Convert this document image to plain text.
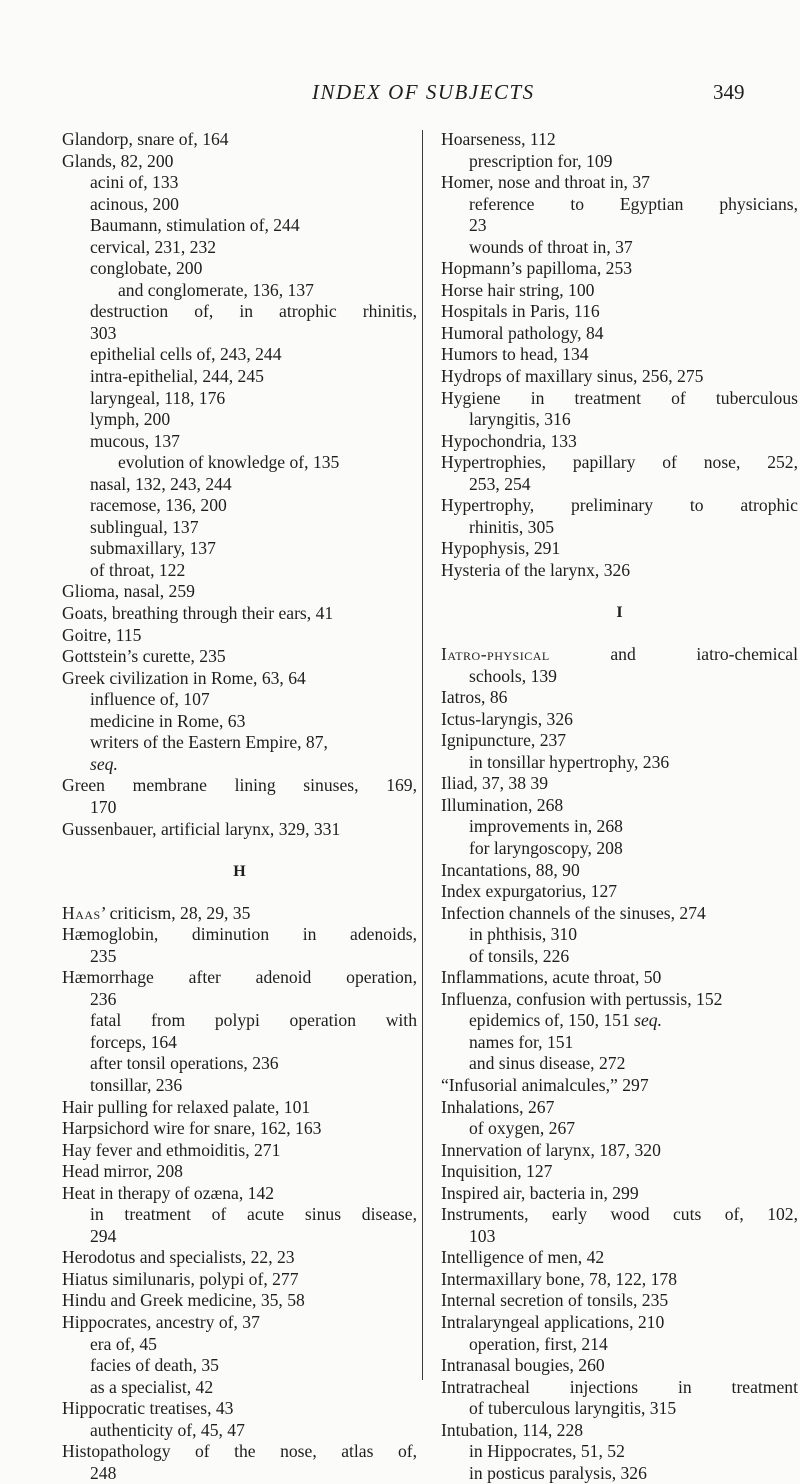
INDEX OF SUBJECTS	349
Glandorp, snare of, 164
Glands, 82, 200
acini of, 133
acinous, 200
Baumann, stimulation of, 244
cervical, 231, 232
conglobate, 200
and conglomerate, 136, 137
destruction of, in atrophic rhinitis,
303
epithelial cells of, 243, 244
intra-epithelial, 244, 245
laryngeal, 118, 176
lymph, 200
mucous, 137
evolution of knowledge of, 135
nasal, 132, 243, 244
racemose, 136, 200
sublingual, 137
submaxillary, 137
of throat, 122
Glioma, nasal, 259
Goats, breathing through their ears, 41
Goitre, 115
Gottstein’s curette, 235
Greek civilization in Rome, 63, 64
influence of, 107
medicine in Rome, 63
writers of the Eastern Empire, 87,
seq.
Green membrane lining sinuses, 169,
170
Gussenbauer, artificial larynx, 329, 331
H
Haas’ criticism, 28, 29, 35
Hæmoglobin, diminution in adenoids,
235
Hæmorrhage after adenoid operation,
236
fatal from polypi operation with
forceps, 164
after tonsil operations, 236
tonsillar, 236
Hair pulling for relaxed palate, 101
Harpsichord wire for snare, 162, 163
Hay fever and ethmoiditis, 271
Head mirror, 208
Heat in therapy of ozæna, 142
in treatment of acute sinus disease,
294
Herodotus and specialists, 22, 23
Hiatus similunaris, polypi of, 277
Hindu and Greek medicine, 35, 58
Hippocrates, ancestry of, 37
era of, 45
facies of death, 35
as a specialist, 42
Hippocratic treatises, 43
authenticity of, 45, 47
Histopathology of the nose, atlas of,
248
Hoarseness, 112
prescription for, 109
Homer, nose and throat in, 37
reference to Egyptian physicians,
23
wounds of throat in, 37
Hopmann’s papilloma, 253
Horse hair string, 100
Hospitals in Paris, 116
Humoral pathology, 84
Humors to head, 134
Hydrops of maxillary sinus, 256, 275
Hygiene in treatment of tuberculous
laryngitis, 316
Hypochondria, 133
Hypertrophies, papillary of nose, 252,
253, 254
Hypertrophy, preliminary to atrophic
rhinitis, 305
Hypophysis, 291
Hysteria of the larynx, 326
I
Iatro-physical and iatro-chemical
schools, 139
Iatros, 86
Ictus-laryngis, 326
Ignipuncture, 237
in tonsillar hypertrophy, 236
Iliad, 37, 38 39
Illumination, 268
improvements in, 268
for laryngoscopy, 208
Incantations, 88, 90
Index expurgatorius, 127
Infection channels of the sinuses, 274
in phthisis, 310
of tonsils, 226
Inflammations, acute throat, 50
Influenza, confusion with pertussis, 152
epidemics of, 150, 151 seq.
names for, 151
and sinus disease, 272
“Infusorial animalcules,” 297
Inhalations, 267
of oxygen, 267
Innervation of larynx, 187, 320
Inquisition, 127
Inspired air, bacteria in, 299
Instruments, early wood cuts of, 102,
103
Intelligence of men, 42
Intermaxillary bone, 78, 122, 178
Internal secretion of tonsils, 235
Intralaryngeal applications, 210
operation, first, 214
Intranasal bougies, 260
Intratracheal injections in treatment
of tuberculous laryngitis, 315
Intubation, 114, 228
in Hippocrates, 51, 52
in posticus paralysis, 326
